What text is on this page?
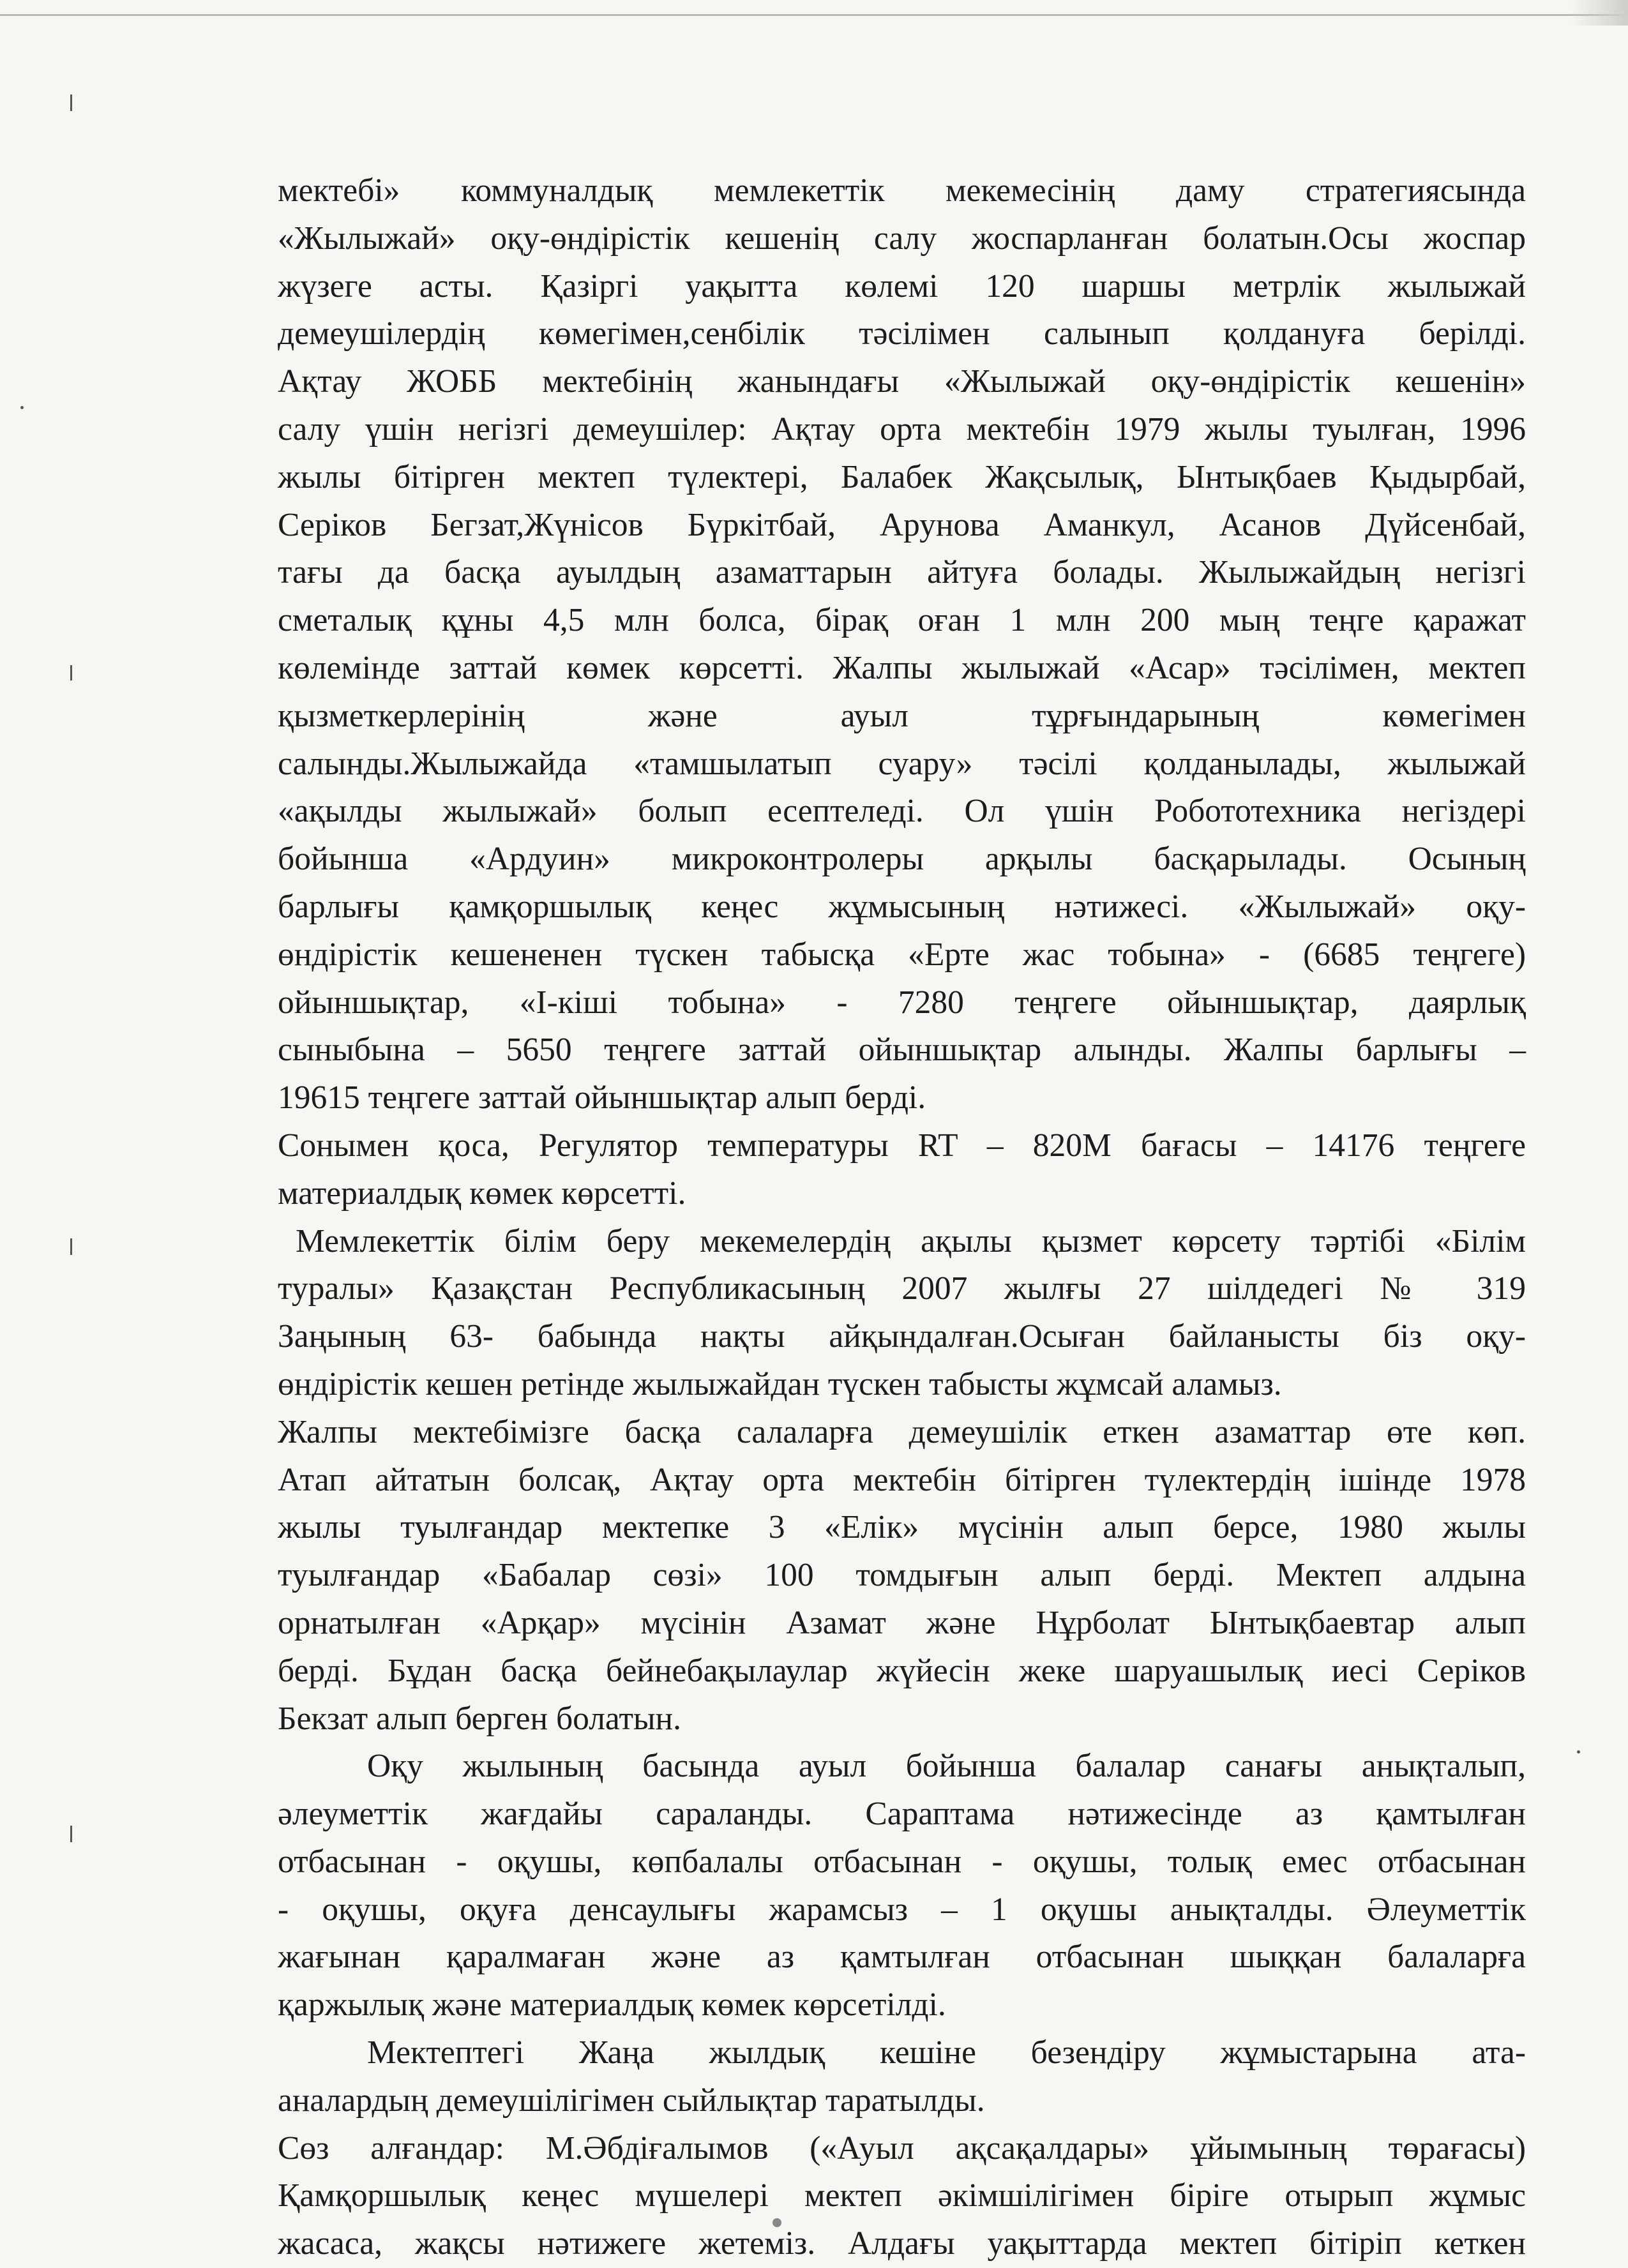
мектебі» коммуналдық мемлекеттік мекемесінің даму стратегиясында
«Жылыжай» оқу-өндірістік кешенің салу жоспарланған болатын.Осы жоспар
жүзеге асты. Қазіргі уақытта көлемі 120 шаршы метрлік жылыжай
демеушілердің көмегімен,сенбілік тәсілімен салынып қолдануға берілді.
Ақтау ЖОББ мектебінің жанындағы «Жылыжай оқу-өндірістік кешенін»
салу үшін негізгі демеушілер: Ақтау орта мектебін 1979 жылы туылған, 1996
жылы бітірген мектеп түлектері, Балабек Жақсылық, Ынтықбаев Қыдырбай,
Серіков Бегзат,Жүнісов Бүркітбай, Арунова Аманкул, Асанов Дүйсенбай,
тағы да басқа ауылдың азаматтарын айтуға болады. Жылыжайдың негізгі
сметалық құны 4,5 млн болса, бірақ оған 1 млн 200 мың теңге қаражат
көлемінде заттай көмек көрсетті. Жалпы жылыжай «Асар» тәсілімен, мектеп
қызметкерлерінің және ауыл тұрғындарының көмегімен
салынды.Жылыжайда «тамшылатып суару» тәсілі қолданылады, жылыжай
«ақылды жылыжай» болып есептеледі. Ол үшін Робототехника негіздері
бойынша «Ардуин» микроконтролеры арқылы басқарылады. Осының
барлығы қамқоршылық кеңес жұмысының нәтижесі. «Жылыжай» оқу-
өндірістік кешененен түскен табысқа «Ерте жас тобына» - (6685 теңгеге)
ойыншықтар, «І-кіші тобына» - 7280 теңгеге ойыншықтар, даярлық
сыныбына – 5650 теңгеге заттай ойыншықтар алынды. Жалпы барлығы –
19615 теңгеге заттай ойыншықтар алып берді.
Сонымен қоса, Регулятор температуры RT – 820M бағасы – 14176 теңгеге
материалдық көмек көрсетті.
Мемлекеттік білім беру мекемелердің ақылы қызмет көрсету тәртібі «Білім
туралы» Қазақстан Республикасының 2007 жылғы 27 шілдедегі № 319
Заңының 63- бабында нақты айқындалған.Осыған байланысты біз оқу-
өндірістік кешен ретінде жылыжайдан түскен табысты жұмсай аламыз.
Жалпы мектебімізге басқа салаларға демеушілік еткен азаматтар өте көп.
Атап айтатын болсақ, Ақтау орта мектебін бітірген түлектердің ішінде 1978
жылы туылғандар мектепке 3 «Елік» мүсінін алып берсе, 1980 жылы
туылғандар «Бабалар сөзі» 100 томдығын алып берді. Мектеп алдына
орнатылған «Арқар» мүсінін Азамат және Нұрболат Ынтықбаевтар алып
берді. Бұдан басқа бейнебақылаулар жүйесін жеке шаруашылық иесі Серіков
Бекзат алып берген болатын.
Оқу жылының басында ауыл бойынша балалар санағы анықталып,
әлеуметтік жағдайы сараланды. Сараптама нәтижесінде аз қамтылған
отбасынан - оқушы, көпбалалы отбасынан - оқушы, толық емес отбасынан
- оқушы, оқуға денсаулығы жарамсыз – 1 оқушы анықталды. Әлеуметтік
жағынан қаралмаған және аз қамтылған отбасынан шыққан балаларға
қаржылық және материалдық көмек көрсетілді.
Мектептегі Жаңа жылдық кешіне безендіру жұмыстарына ата-
аналардың демеушілігімен сыйлықтар таратылды.
Сөз алғандар: М.Әбдіғалымов («Ауыл ақсақалдары» ұйымының төрағасы)
Қамқоршылық кеңес мүшелері мектеп әкімшілігімен біріге отырып жұмыс
жасаса, жақсы нәтижеге жетеміз. Алдағы уақыттарда мектеп бітіріп кеткен
